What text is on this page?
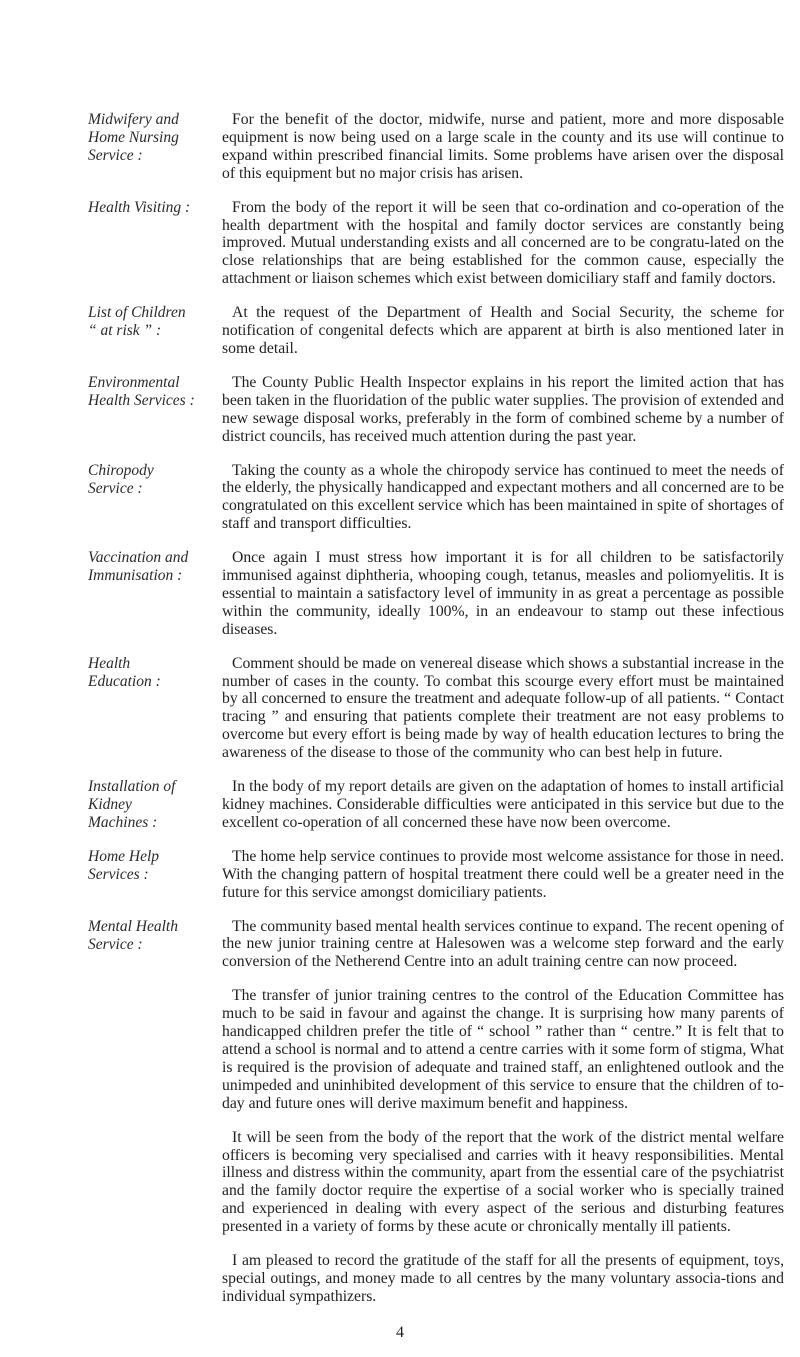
Midwifery and
Home Nursing
Service :

For the benefit of the doctor, midwife, nurse and patient, more and more disposable equipment is now being used on a large scale in the county and its use will continue to expand within prescribed financial limits. Some problems have arisen over the disposal of this equipment but no major crisis has arisen.

Health Visiting :	From the body of the report it will be seen that co-ordination and co-operation of the health department with the hospital and family doctor services are constantly being improved. Mutual understanding exists and all concerned are to be congratu-lated on the close relationships that are being established for the common cause, especially the attachment or liaison schemes which exist between domiciliary staff and family doctors.

List of Children
“ at risk ” :

At the request of the Department of Health and Social Security, the scheme for notification of congenital defects which are apparent at birth is also mentioned later in some detail.

Environmental
Health Services :

The County Public Health Inspector explains in his report the limited action that has been taken in the fluoridation of the public water supplies. The provision of extended and new sewage disposal works, preferably in the form of combined scheme by a number of district councils, has received much attention during the past year.

Chiropody
Service :

Taking the county as a whole the chiropody service has continued to meet the needs of the elderly, the physically handicapped and expectant mothers and all concerned are to be congratulated on this excellent service which has been maintained in spite of shortages of staff and transport difficulties.

Vaccination and
Immunisation :

Once again I must stress how important it is for all children to be satisfactorily immunised against diphtheria, whooping cough, tetanus, measles and poliomyelitis. It is essential to maintain a satisfactory level of immunity in as great a percentage as possible within the community, ideally 100%, in an endeavour to stamp out these infectious diseases.

Health
Education :

Comment should be made on venereal disease which shows a substantial increase in the number of cases in the county. To combat this scourge every effort must be maintained by all concerned to ensure the treatment and adequate follow-up of all patients. “ Contact tracing ” and ensuring that patients complete their treatment are not easy problems to overcome but every effort is being made by way of health education lectures to bring the awareness of the disease to those of the community who can best help in future.

Installation of
Kidney
Machines :

In the body of my report details are given on the adaptation of homes to install artificial kidney machines. Considerable difficulties were anticipated in this service but due to the excellent co-operation of all concerned these have now been overcome.

Home Help
Services :

The home help service continues to provide most welcome assistance for those in need. With the changing pattern of hospital treatment there could well be a greater need in the future for this service amongst domiciliary patients.

Mental Health
Service :

The community based mental health services continue to expand. The recent opening of the new junior training centre at Halesowen was a welcome step forward and the early conversion of the Netherend Centre into an adult training centre can now proceed.

The transfer of junior training centres to the control of the Education Committee has much to be said in favour and against the change. It is surprising how many parents of handicapped children prefer the title of “ school ” rather than “ centre.” It is felt that to attend a school is normal and to attend a centre carries with it some form of stigma, What is required is the provision of adequate and trained staff, an enlightened outlook and the unimpeded and uninhibited development of this service to ensure that the children of to-day and future ones will derive maximum benefit and happiness.

It will be seen from the body of the report that the work of the district mental welfare officers is becoming very specialised and carries with it heavy responsibilities. Mental illness and distress within the community, apart from the essential care of the psychiatrist and the family doctor require the expertise of a social worker who is specially trained and experienced in dealing with every aspect of the serious and disturbing features presented in a variety of forms by these acute or chronically mentally ill patients.

I am pleased to record the gratitude of the staff for all the presents of equipment, toys, special outings, and money made to all centres by the many voluntary associa-tions and individual sympathizers.

4
